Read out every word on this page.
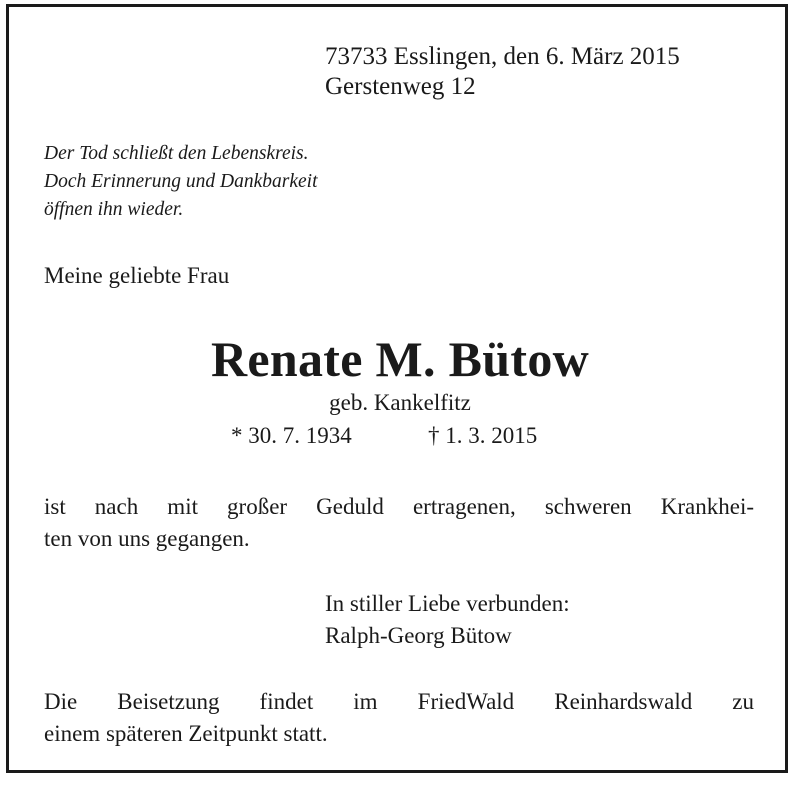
73733 Esslingen, den 6. März 2015
Gerstenweg 12
Der Tod schließt den Lebenskreis.
Doch Erinnerung und Dankbarkeit
öffnen ihn wieder.
Meine geliebte Frau
Renate M. Bütow
geb. Kankelfitz
* 30. 7. 1934	† 1. 3. 2015
ist nach mit großer Geduld ertragenen, schweren Krankhei-
ten von uns gegangen.
In stiller Liebe verbunden:
Ralph-Georg Bütow
Die Beisetzung findet im FriedWald Reinhardswald zu
einem späteren Zeitpunkt statt.
